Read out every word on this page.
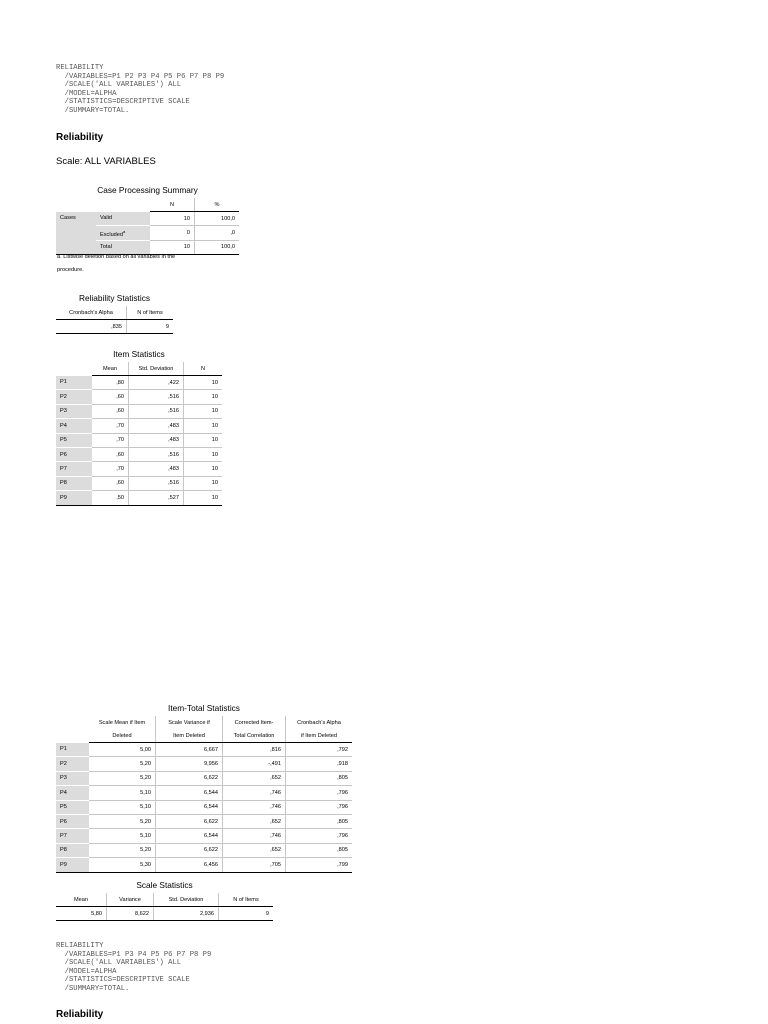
RELIABILITY
/VARIABLES=P1 P2 P3 P4 P5 P6 P7 P8 P9
/SCALE('ALL VARIABLES') ALL
/MODEL=ALPHA
/STATISTICS=DESCRIPTIVE SCALE
/SUMMARY=TOTAL.
Reliability
Scale: ALL VARIABLES
Case Processing Summary
		N	%
Cases	Valid	10	100,0
	Excluded$^a$	0	,0
	Total	10	100,0
a. Listwise deletion based on all variables in the
procedure.
Reliability Statistics
Cronbach's Alpha	N of Items
,835	9
Item Statistics
	Mean	Std. Deviation	N
P1	,80	,422	10
P2	,60	,516	10
P3	,60	,516	10
P4	,70	,483	10
P5	,70	,483	10
P6	,60	,516	10
P7	,70	,483	10
P8	,60	,516	10
P9	,50	,527	10
Item-Total Statistics
	Scale Mean if Item	Scale Variance if	Corrected Item-	Cronbach's Alpha
	Deleted	Item Deleted	Total Correlation	if Item Deleted
P1	5,00	6,667	,816	,792
P2	5,20	9,956	-,491	,918
P3	5,20	6,622	,652	,805
P4	5,10	6,544	,746	,796
P5	5,10	6,544	,746	,796
P6	5,20	6,622	,652	,805
P7	5,10	6,544	,746	,796
P8	5,20	6,622	,652	,805
P9	5,30	6,456	,705	,799
Scale Statistics
Mean	Variance	Std. Deviation	N of Items
5,80	8,622	2,936	9
RELIABILITY
/VARIABLES=P1 P3 P4 P5 P6 P7 P8 P9
/SCALE('ALL VARIABLES') ALL
/MODEL=ALPHA
/STATISTICS=DESCRIPTIVE SCALE
/SUMMARY=TOTAL.
Reliability
